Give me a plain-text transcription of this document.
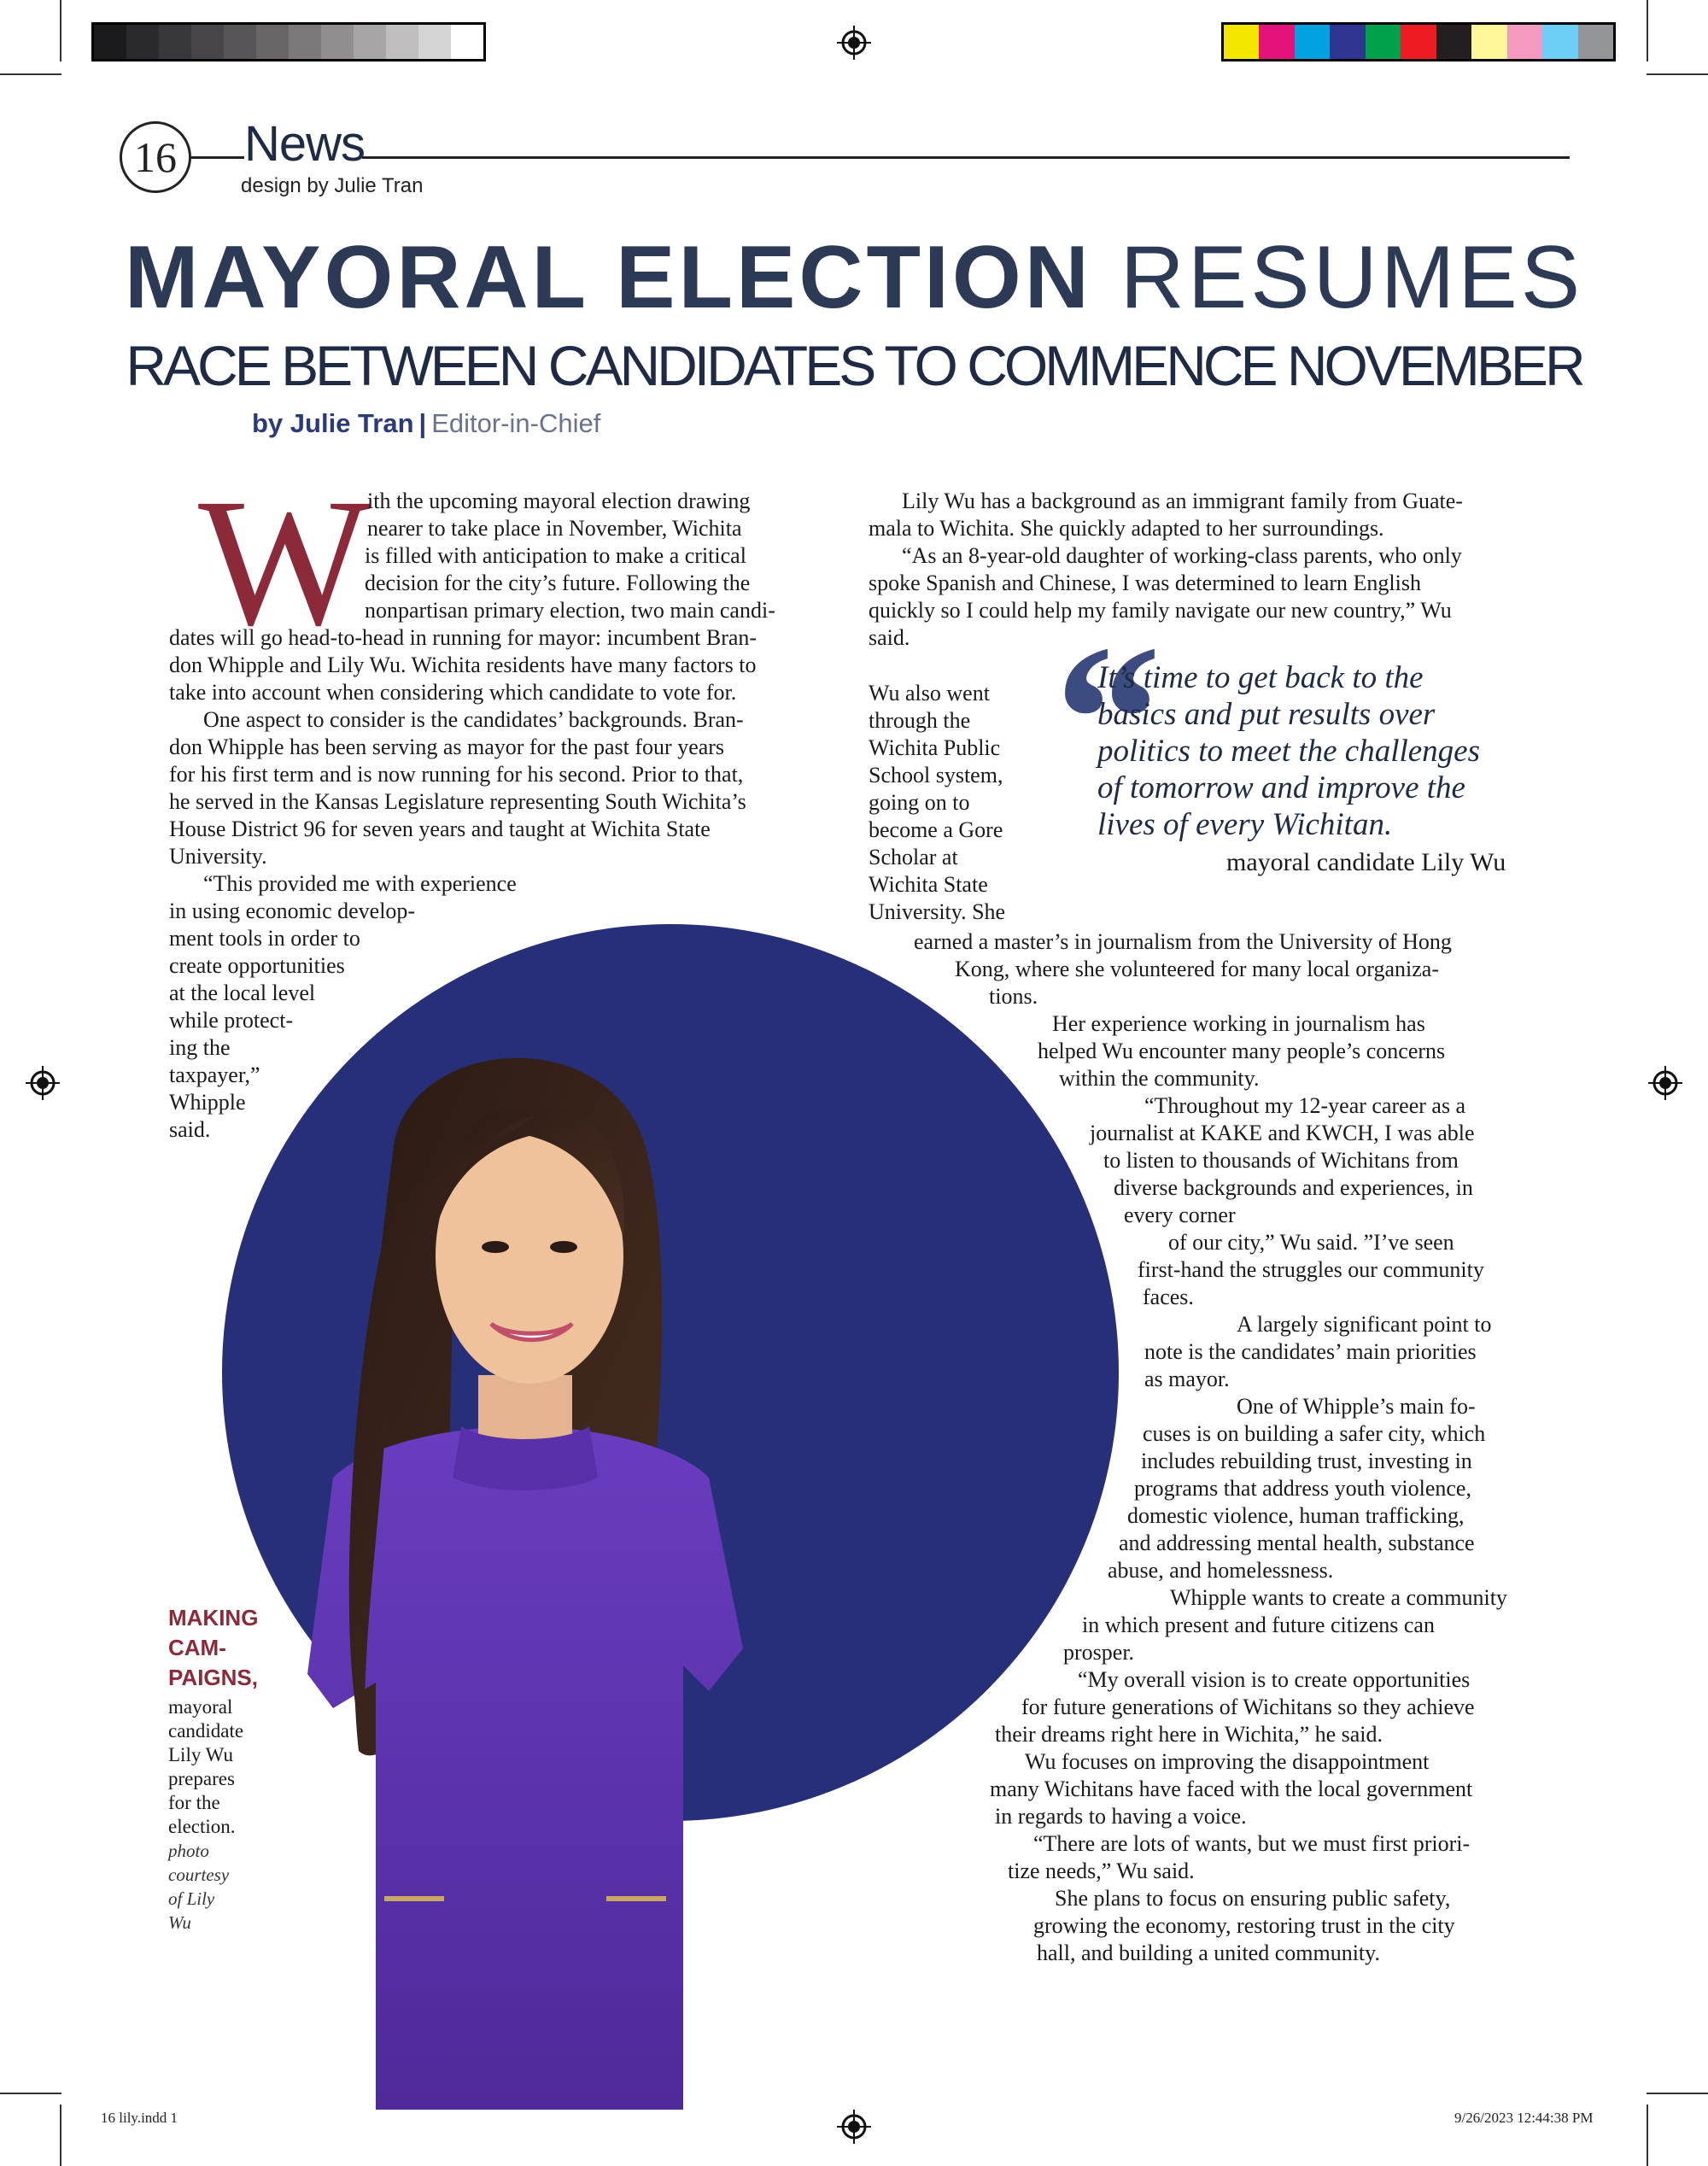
16 News
design by Julie Tran
MAYORAL ELECTION RESUMES
RACE BETWEEN CANDIDATES TO COMMENCE NOVEMBER
by Julie Tran | Editor-in-Chief
W
ith the upcoming mayoral election drawing
nearer to take place in November, Wichita
is filled with anticipation to make a critical
decision for the city’s future. Following the
nonpartisan primary election, two main candi-
dates will go head-to-head in running for mayor: incumbent Bran-
don Whipple and Lily Wu. Wichita residents have many factors to
take into account when considering which candidate to vote for.
One aspect to consider is the candidates’ backgrounds. Bran-
don Whipple has been serving as mayor for the past four years
for his first term and is now running for his second. Prior to that,
he served in the Kansas Legislature representing South Wichita’s
House District 96 for seven years and taught at Wichita State
University.
“This provided me with experience
in using economic develop-
ment tools in order to
create opportunities
at the local level
while protect-
ing the
taxpayer,”
Whipple
said.
Lily Wu has a background as an immigrant family from Guate-
mala to Wichita. She quickly adapted to her surroundings.
“As an 8-year-old daughter of working-class parents, who only
spoke Spanish and Chinese, I was determined to learn English
quickly so I could help my family navigate our new country,” Wu
said.
Wu also went
through the
Wichita Public
School system,
going on to
become a Gore
Scholar at
Wichita State
University. She
earned a master’s in journalism from the University of Hong
Kong, where she volunteered for many local organiza-
tions.
Her experience working in journalism has
helped Wu encounter many people’s concerns
within the community.
“Throughout my 12-year career as a
journalist at KAKE and KWCH, I was able
to listen to thousands of Wichitans from
diverse backgrounds and experiences, in
every corner
of our city,” Wu said. ”I’ve seen
first-hand the struggles our community
faces.
A largely significant point to
note is the candidates’ main priorities
as mayor.
One of Whipple’s main fo-
cuses is on building a safer city, which
includes rebuilding trust, investing in
programs that address youth violence,
domestic violence, human trafficking,
and addressing mental health, substance
abuse, and homelessness.
Whipple wants to create a community
in which present and future citizens can
prosper.
“My overall vision is to create opportunities
for future generations of Wichitans so they achieve
their dreams right here in Wichita,” he said.
Wu focuses on improving the disappointment
many Wichitans have faced with the local government
in regards to having a voice.
“There are lots of wants, but we must first priori-
tize needs,” Wu said.
She plans to focus on ensuring public safety,
growing the economy, restoring trust in the city
hall, and building a united community.
“
It’s time to get back to the
basics and put results over
politics to meet the challenges
of tomorrow and improve the
lives of every Wichitan.
mayoral candidate Lily Wu
MAKING
CAM-
PAIGNS,
mayoral
candidate
Lily Wu
prepares
for the
election.
photo
courtesy
of Lily
Wu
16 lily.indd 1	9/26/2023 12:44:38 PM
